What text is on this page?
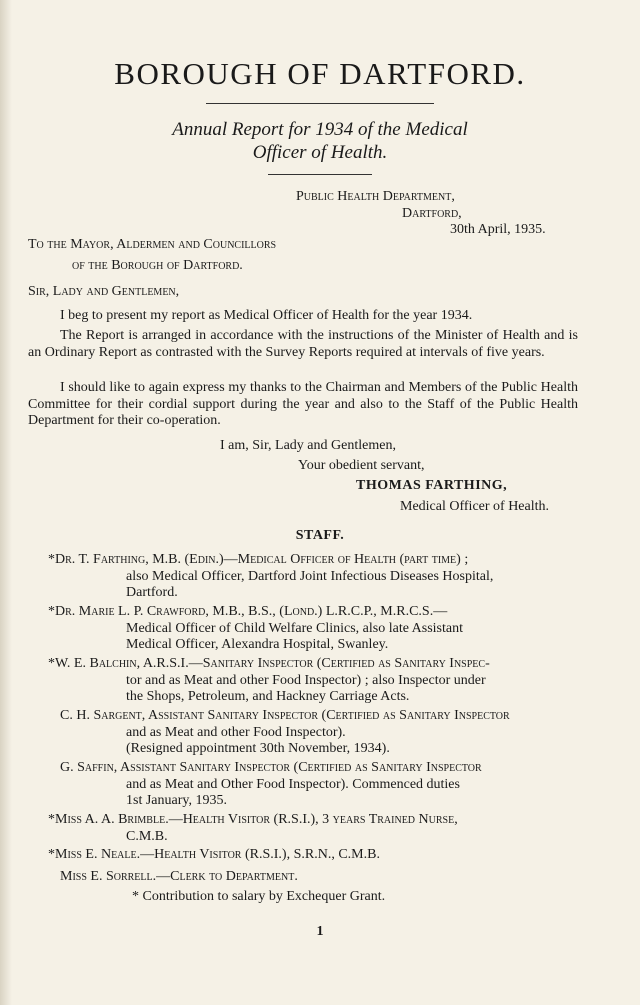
BOROUGH OF DARTFORD.
Annual Report for 1934 of the Medical
Officer of Health.
Public Health Department,
Dartford,
30th April, 1935.
To the Mayor, Aldermen and Councillors
of the Borough of Dartford.
Sir, Lady and Gentlemen,
I beg to present my report as Medical Officer of Health for the year 1934.
The Report is arranged in accordance with the instructions of the Minister of Health and is an Ordinary Report as contrasted with the Survey Reports required at intervals of five years.
I should like to again express my thanks to the Chairman and Members of the Public Health Committee for their cordial support during the year and also to the Staff of the Public Health Department for their co-operation.
I am, Sir, Lady and Gentlemen,
Your obedient servant,
THOMAS FARTHING,
Medical Officer of Health.
STAFF.
*Dr. T. Farthing, M.B. (Edin.)—Medical Officer of Health (part time) ;
also Medical Officer, Dartford Joint Infectious Diseases Hospital,
Dartford.
*Dr. Marie L. P. Crawford, M.B., B.S., (Lond.) L.R.C.P., M.R.C.S.—
Medical Officer of Child Welfare Clinics, also late Assistant
Medical Officer, Alexandra Hospital, Swanley.
*W. E. Balchin, A.R.S.I.—Sanitary Inspector (Certified as Sanitary Inspec-
tor and as Meat and other Food Inspector) ; also Inspector under
the Shops, Petroleum, and Hackney Carriage Acts.
C. H. Sargent, Assistant Sanitary Inspector (Certified as Sanitary Inspector
and as Meat and other Food Inspector).
(Resigned appointment 30th November, 1934).
G. Saffin, Assistant Sanitary Inspector (Certified as Sanitary Inspector
and as Meat and Other Food Inspector). Commenced duties
1st January, 1935.
*Miss A. A. Brimble.—Health Visitor (R.S.I.), 3 years Trained Nurse,
C.M.B.
*Miss E. Neale.—Health Visitor (R.S.I.), S.R.N., C.M.B.
Miss E. Sorrell.—Clerk to Department.
* Contribution to salary by Exchequer Grant.
1
